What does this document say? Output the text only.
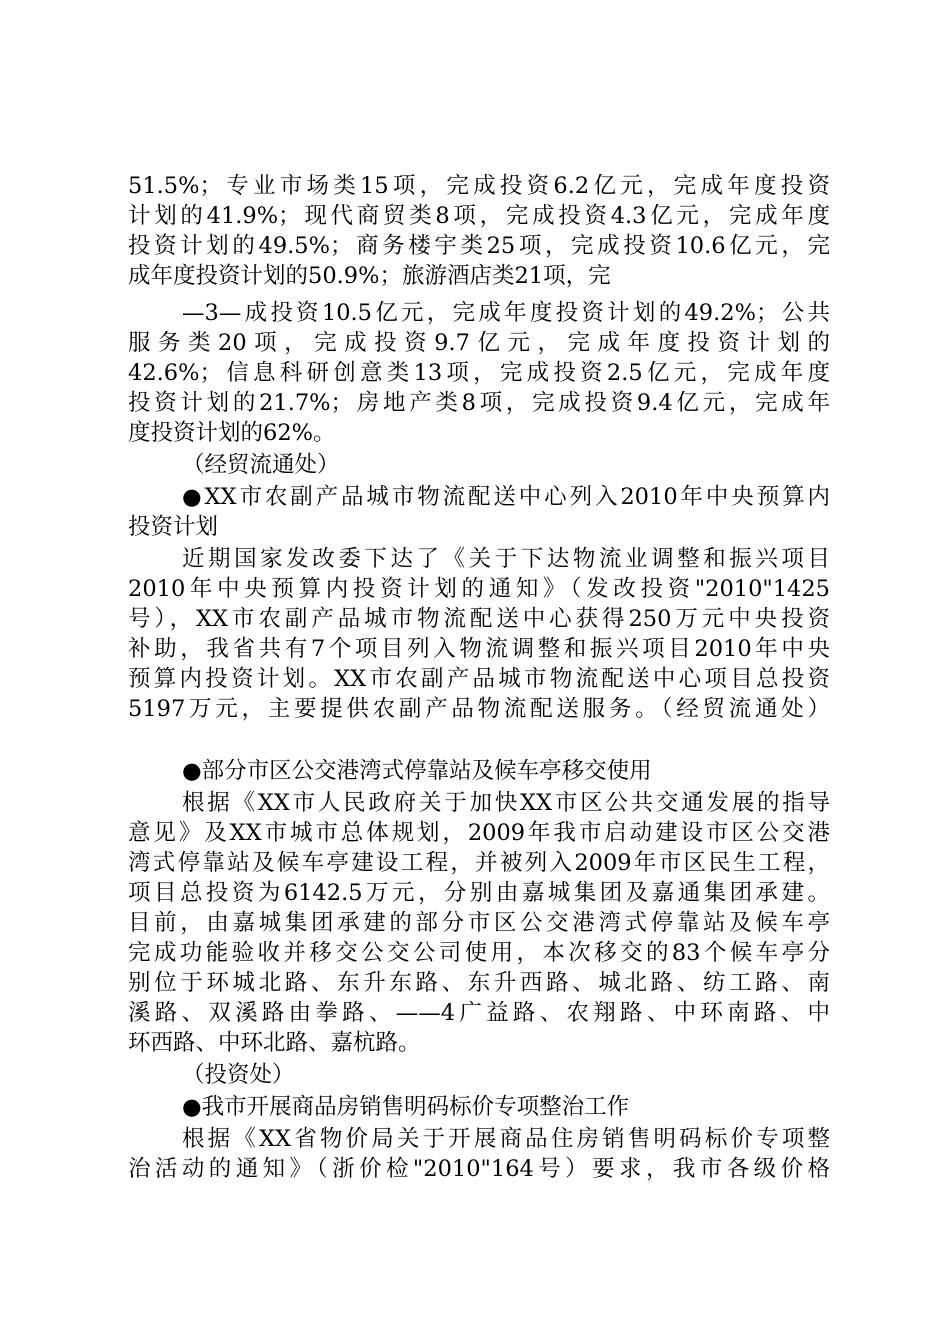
51.5%；专业市场类15项，完成投资6.2亿元，完成年度投资

计划的41.9%；现代商贸类8项，完成投资4.3亿元，完成年度

投资计划的49.5%；商务楼宇类25项，完成投资10.6亿元，完

成年度投资计划的50.9%；旅游酒店类21项，完

—3—成投资10.5亿元，完成年度投资计划的49.2%；公共

服务类20项，完成投资9.7亿元，完成年度投资计划的

42.6%；信息科研创意类13项，完成投资2.5亿元，完成年度

投资计划的21.7%；房地产类8项，完成投资9.4亿元，完成年

度投资计划的62%。

（经贸流通处）

●XX市农副产品城市物流配送中心列入2010年中央预算内

投资计划

近期国家发改委下达了《关于下达物流业调整和振兴项目

2010年中央预算内投资计划的通知》（发改投资"2010"1425

号），XX市农副产品城市物流配送中心获得250万元中央投资

补助，我省共有7个项目列入物流调整和振兴项目2010年中央

预算内投资计划。XX市农副产品城市物流配送中心项目总投资

5197万元，主要提供农副产品物流配送服务。（经贸流通处）

●部分市区公交港湾式停靠站及候车亭移交使用

根据《XX市人民政府关于加快XX市区公共交通发展的指导

意见》及XX市城市总体规划，2009年我市启动建设市区公交港

湾式停靠站及候车亭建设工程，并被列入2009年市区民生工程，

项目总投资为6142.5万元，分别由嘉城集团及嘉通集团承建。

目前，由嘉城集团承建的部分市区公交港湾式停靠站及候车亭

完成功能验收并移交公交公司使用，本次移交的83个候车亭分

别位于环城北路、东升东路、东升西路、城北路、纺工路、南

溪路、双溪路由拳路、——4广益路、农翔路、中环南路、中

环西路、中环北路、嘉杭路。

（投资处）

●我市开展商品房销售明码标价专项整治工作

根据《XX省物价局关于开展商品住房销售明码标价专项整

治活动的通知》（浙价检"2010"164号）要求，我市各级价格
